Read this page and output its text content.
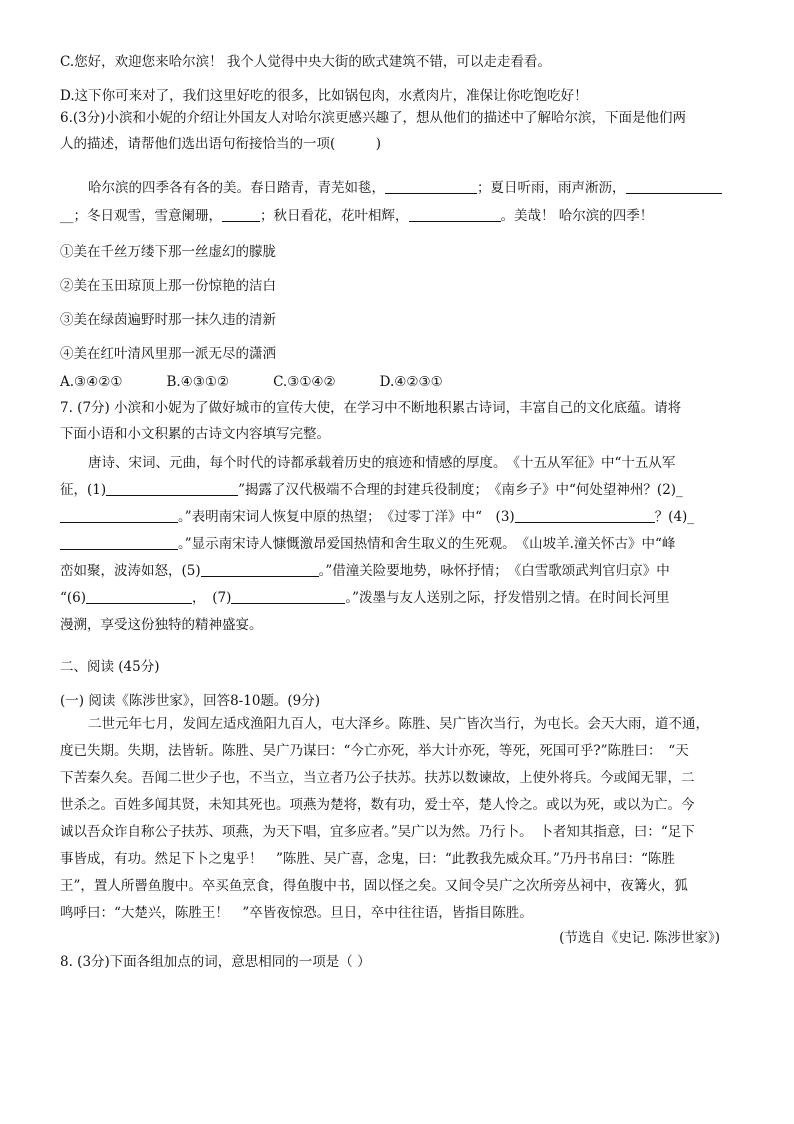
C.您好，欢迎您来哈尔滨！ 我个人觉得中央大街的欧式建筑不错，可以走走看看。
D.这下你可来对了，我们这里好吃的很多，比如锅包肉，水煮肉片，准保让你吃饱吃好！
6.(3分)小滨和小妮的介绍让外国友人对哈尔滨更感兴趣了，想从他们的描述中了解哈尔滨，下面是他们两
人的描述，请帮他们选出语句衔接恰当的一项(　　　)
哈尔滨的四季各有各的美。春日踏青，青芜如毯，	；夏日听雨，雨声淅沥，
__；冬日观雪，雪意阑珊，	；秋日看花，花叶相辉，	。美哉！ 哈尔滨的四季！
①美在千丝万缕下那一丝虚幻的朦胧
②美在玉田琼顶上那一份惊艳的洁白
③美在绿茵遍野时那一抹久违的清新
④美在红叶清风里那一派无尽的潇洒
A.③④②①	B.④③①②	C.③①④②	D.④②③①
7. (7分) 小滨和小妮为了做好城市的宣传大使，在学习中不断地积累古诗词，丰富自己的文化底蕴。请将
下面小语和小文积累的古诗文内容填写完整。
唐诗、宋词、元曲，每个时代的诗都承载着历史的痕迹和情感的厚度。　《十五从军征》中“十五从军
征，(1)	”揭露了汉代极端不合理的封建兵役制度；　《南乡子》中“何处望神州？(2)_
。”表明南宋词人恢复中原的热望；　《过零丁洋》中“　(3)	？(4)_
。”显示南宋诗人慷慨激昂爱国热情和舍生取义的生死观。　《山坡羊.潼关怀古》中“峰
峦如聚，波涛如怒，(5)	。”借潼关险要地势，咏怀抒情；　《白雪歌颂武判官归京》中
“(6)	，　(7)	。”泼墨与友人送别之际，抒发惜别之情。在时间长河里
漫溯，享受这份独特的精神盛宴。
二、阅读 (45分)
(一) 阅读《陈涉世家》，回答8-10题。(9分)
二世元年七月，发闾左适戍渔阳九百人，屯大泽乡。陈胜、吴广皆次当行，为屯长。会天大雨，道不通，
度已失期。失期，法皆斩。陈胜、吴广乃谋曰：“今亡亦死，举大计亦死，等死，死国可乎?”陈胜曰：　“天
下苦秦久矣。吾闻二世少子也，不当立，当立者乃公子扶苏。扶苏以数谏故，上使外将兵。今或闻无罪，二
世杀之。百姓多闻其贤，未知其死也。项燕为楚将，数有功，爱士卒，楚人怜之。或以为死，或以为亡。今
诚以吾众诈自称公子扶苏、项燕，为天下唱，宜多应者。”吴广以为然。乃行卜。　卜者知其指意，曰：“足下
事皆成，有功。然足下卜之鬼乎！　”陈胜、吴广喜，念鬼，曰：“此教我先威众耳。”乃丹书帛曰：“陈胜
王”，置人所罾鱼腹中。卒买鱼烹食，得鱼腹中书，固以怪之矣。又间令吴广之次所旁丛祠中，夜篝火，狐
鸣呼曰：“大楚兴，陈胜王！　”卒皆夜惊恐。旦日，卒中往往语，皆指目陈胜。
(节选自《史记. 陈涉世家》)
8. (3分)下面各组加点的词，意思相同的一项是（ ）
